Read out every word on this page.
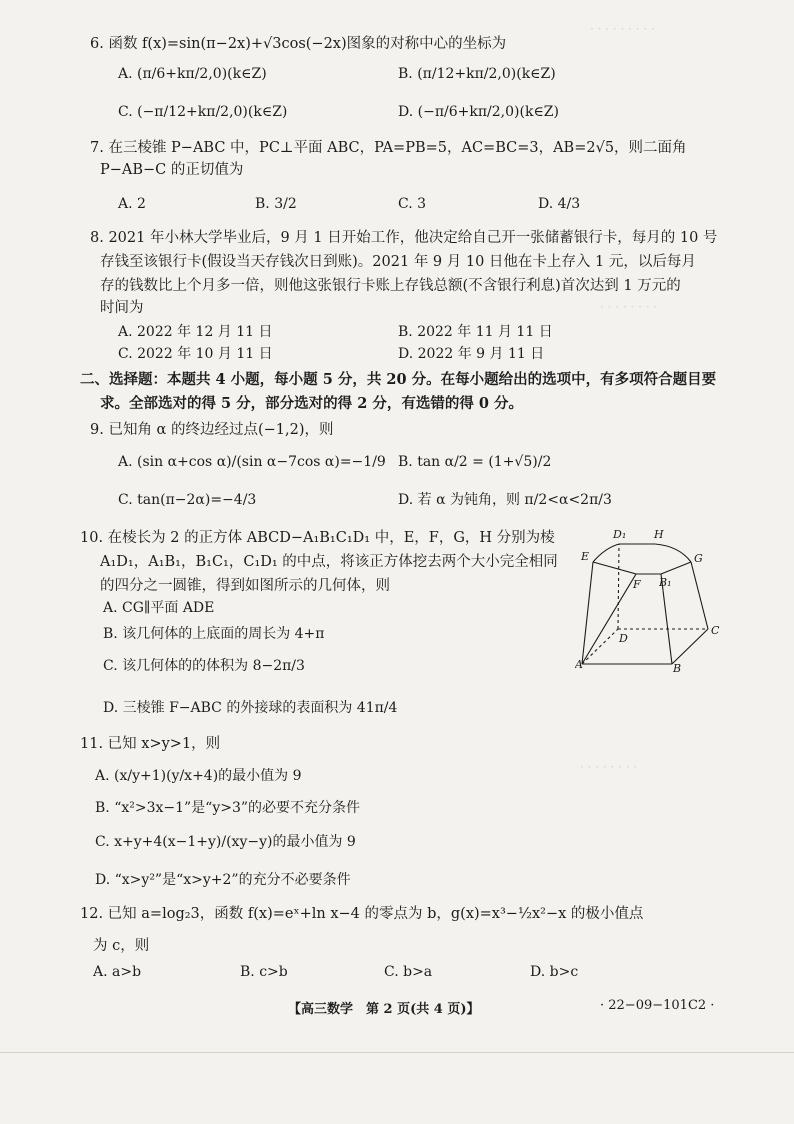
· · · · · · · · ·
· · · · · · · ·
· · · · · · · ·
6. 函数 f(x)=sin(π−2x)+√3cos(−2x)图象的对称中心的坐标为
A. (π/6+kπ/2,0)(k∈Z)	B. (π/12+kπ/2,0)(k∈Z)
C. (−π/12+kπ/2,0)(k∈Z)	D. (−π/6+kπ/2,0)(k∈Z)
7. 在三棱锥 P−ABC 中，PC⊥平面 ABC，PA=PB=5，AC=BC=3，AB=2√5，则二面角
P−AB−C 的正切值为
A. 2	B. 3/2	C. 3	D. 4/3
8. 2021 年小林大学毕业后，9 月 1 日开始工作，他决定给自己开一张储蓄银行卡，每月的 10 号
存钱至该银行卡(假设当天存钱次日到账)。2021 年 9 月 10 日他在卡上存入 1 元，以后每月
存的钱数比上个月多一倍，则他这张银行卡账上存钱总额(不含银行利息)首次达到 1 万元的
时间为
A. 2022 年 12 月 11 日	B. 2022 年 11 月 11 日
C. 2022 年 10 月 11 日	D. 2022 年 9 月 11 日
二、选择题：本题共 4 小题，每小题 5 分，共 20 分。在每小题给出的选项中，有多项符合题目要
求。全部选对的得 5 分，部分选对的得 2 分，有选错的得 0 分。
9. 已知角 α 的终边经过点(−1,2)，则
A. (sin α+cos α)/(sin α−7cos α)=−1/9 B. tan α/2 = (1+√5)/2
C. tan(π−2α)=−4/3	D. 若 α 为钝角，则 π/2<α<2π/3
10. 在棱长为 2 的正方体 ABCD−A₁B₁C₁D₁ 中，E，F，G，H 分别为棱
A₁D₁，A₁B₁，B₁C₁，C₁D₁ 的中点，将该正方体挖去两个大小完全相同
的四分之一圆锥，得到如图所示的几何体，则
A. CG∥平面 ADE
B. 该几何体的上底面的周长为 4+π
C. 该几何体的的体积为 8−2π/3
D. 三棱锥 F−ABC 的外接球的表面积为 41π/4
D₁	H
E	G
F B₁
D
C
A	B
11. 已知 x>y>1，则
A. (x/y+1)(y/x+4)的最小值为 9
B. “x²>3x−1”是“y>3”的必要不充分条件
C. x+y+4(x−1+y)/(xy−y)的最小值为 9
D. “x>y²”是“x>y+2”的充分不必要条件
12. 已知 a=log₂3，函数 f(x)=eˣ+ln x−4 的零点为 b，g(x)=x³−½x²−x 的极小值点
为 c，则
A. a>b	B. c>b	C. b>a	D. b>c
【高三数学　第 2 页(共 4 页)】	· 22−09−101C2 ·
